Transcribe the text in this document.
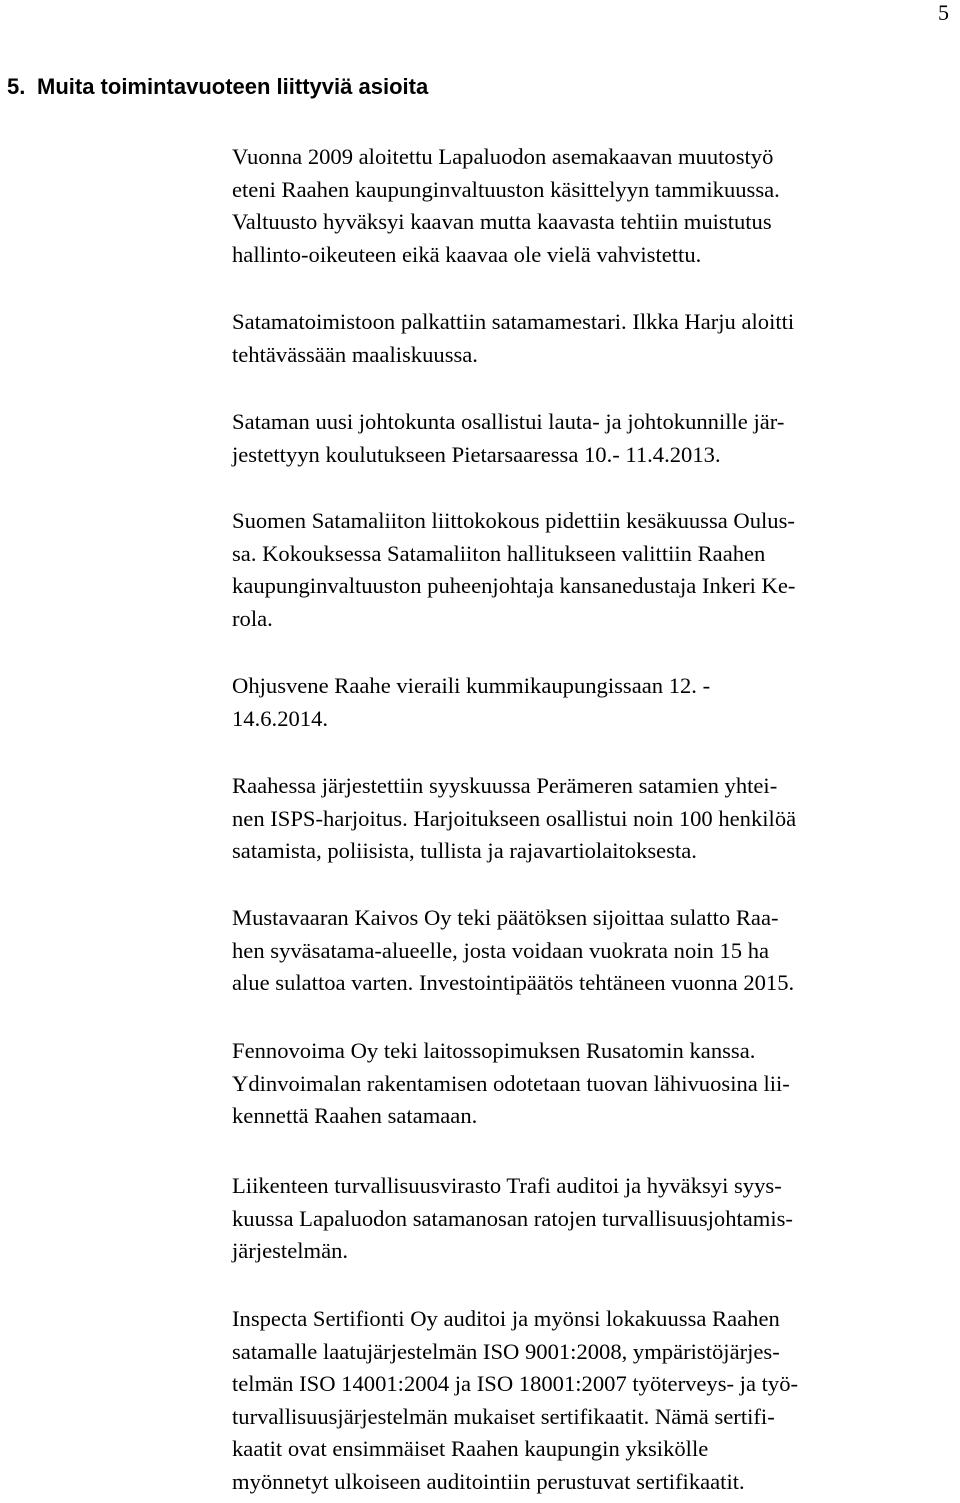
5
5. Muita toimintavuoteen liittyviä asioita
Vuonna 2009 aloitettu Lapaluodon asemakaavan muutostyö
eteni Raahen kaupunginvaltuuston käsittelyyn tammikuussa.
Valtuusto hyväksyi kaavan mutta kaavasta tehtiin muistutus
hallinto-oikeuteen eikä kaavaa ole vielä vahvistettu.
Satamatoimistoon palkattiin satamamestari. Ilkka Harju aloitti
tehtävässään maaliskuussa.
Sataman uusi johtokunta osallistui lauta- ja johtokunnille jär-
jestettyyn koulutukseen Pietarsaaressa 10.- 11.4.2013.
Suomen Satamaliiton liittokokous pidettiin kesäkuussa Oulus-
sa. Kokouksessa Satamaliiton hallitukseen valittiin Raahen
kaupunginvaltuuston puheenjohtaja kansanedustaja Inkeri Ke-
rola.
Ohjusvene Raahe vieraili kummikaupungissaan 12. -
14.6.2014.
Raahessa järjestettiin syyskuussa Perämeren satamien yhtei-
nen ISPS-harjoitus. Harjoitukseen osallistui noin 100 henkilöä
satamista, poliisista, tullista ja rajavartiolaitoksesta.
Mustavaaran Kaivos Oy teki päätöksen sijoittaa sulatto Raa-
hen syväsatama-alueelle, josta voidaan vuokrata noin 15 ha
alue sulattoa varten. Investointipäätös tehtäneen vuonna 2015.
Fennovoima Oy teki laitossopimuksen Rusatomin kanssa.
Ydinvoimalan rakentamisen odotetaan tuovan lähivuosina lii-
kennettä Raahen satamaan.
Liikenteen turvallisuusvirasto Trafi auditoi ja hyväksyi syys-
kuussa Lapaluodon satamanosan ratojen turvallisuusjohtamis-
järjestelmän.
Inspecta Sertifionti Oy auditoi ja myönsi lokakuussa Raahen
satamalle laatujärjestelmän ISO 9001:2008, ympäristöjärjes-
telmän ISO 14001:2004 ja ISO 18001:2007 työterveys- ja työ-
turvallisuusjärjestelmän mukaiset sertifikaatit. Nämä sertifi-
kaatit ovat ensimmäiset Raahen kaupungin yksikölle
myönnetyt ulkoiseen auditointiin perustuvat sertifikaatit.
